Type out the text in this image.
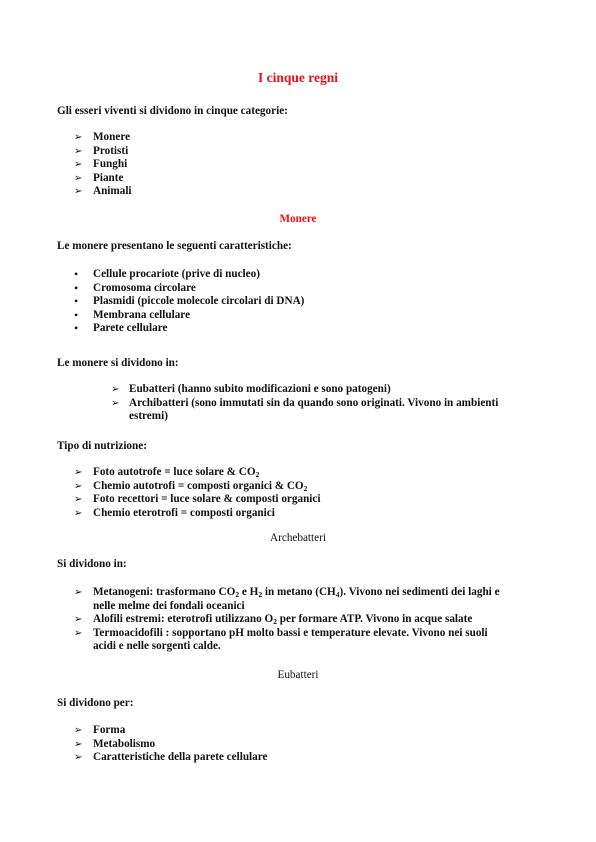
I cinque regni
Gli esseri viventi si dividono in cinque categorie:
➢ Monere
➢ Protisti
➢ Funghi
➢ Piante
➢ Animali
Monere
Le monere presentano le seguenti caratteristiche:
• Cellule procariote (prive di nucleo)
• Cromosoma circolare
• Plasmidi (piccole molecole circolari di DNA)
• Membrana cellulare
• Parete cellulare
Le monere si dividono in:
➢ Eubatteri (hanno subito modificazioni e sono patogeni)
➢ Archibatteri (sono immutati sin da quando sono originati. Vivono in ambienti
estremi)
Tipo di nutrizione:
➢ Foto autotrofe = luce solare & $CO_2$
➢ Chemio autotrofi = composti organici & $CO_2$
➢ Foto recettori = luce solare & composti organici
➢ Chemio eterotrofi = composti organici
Archebatteri
Si dividono in:
➢ Metanogeni: trasformano $CO_2$ e $H_2$ in metano $(CH_4)$. Vivono nei sedimenti dei laghi e
nelle melme dei fondali oceanici
➢ Alofili estremi: eterotrofi utilizzano $O_2$ per formare ATP. Vivono in acque salate
➢ Termoacidofili : sopportano pH molto bassi e temperature elevate. Vivono nei suoli
acidi e nelle sorgenti calde.
Eubatteri
Si dividono per:
➢ Forma
➢ Metabolismo
➢ Caratteristiche della parete cellulare
